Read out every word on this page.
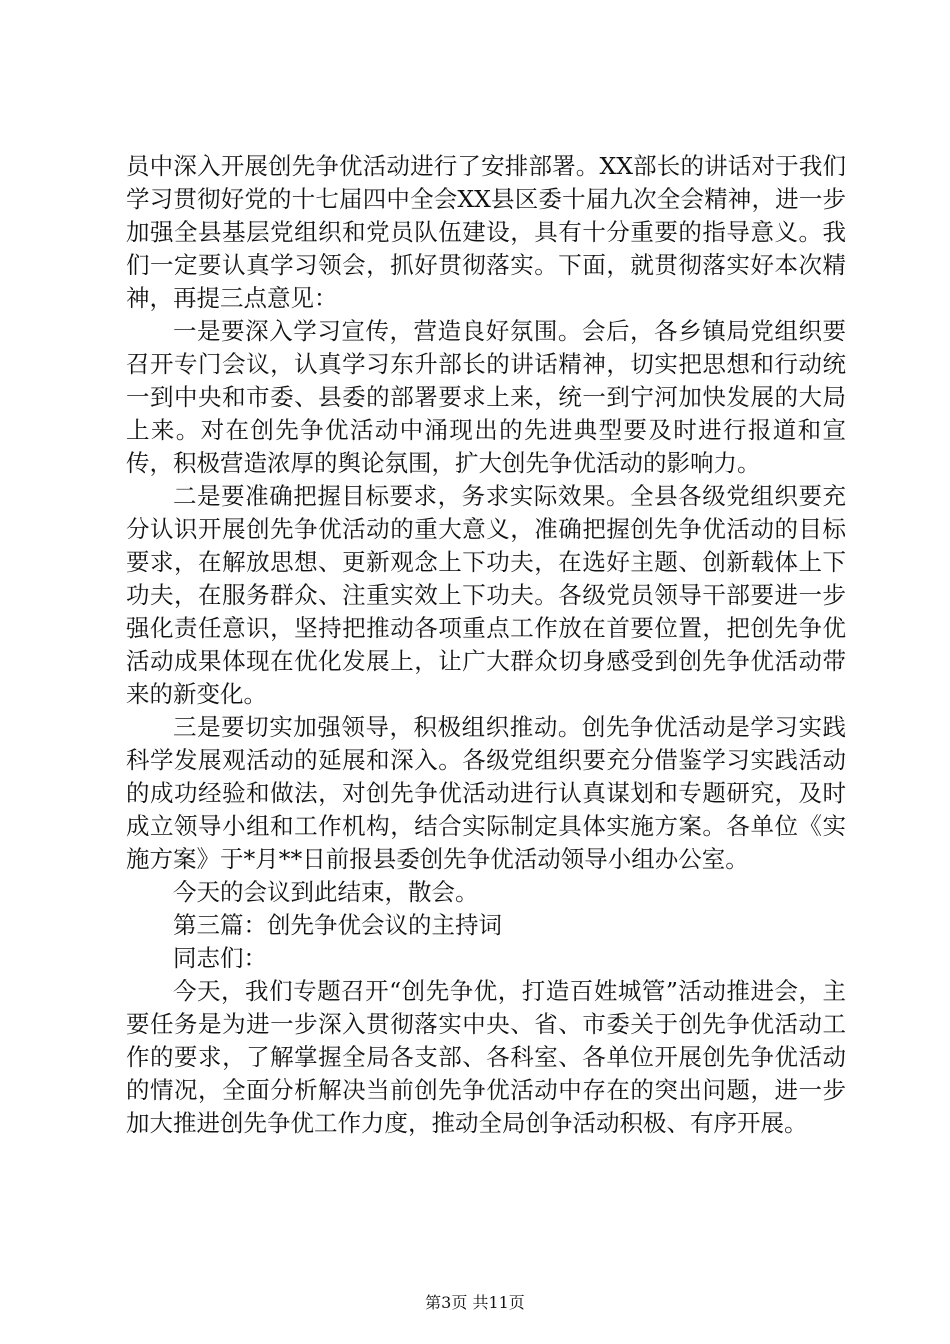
员中深入开展创先争优活动进行了安排部署。XX部长的讲话对于我们学习贯彻好党的十七届四中全会XX县区委十届九次全会精神，进一步加强全县基层党组织和党员队伍建设，具有十分重要的指导意义。我们一定要认真学习领会，抓好贯彻落实。下面，就贯彻落实好本次精神，再提三点意见：

一是要深入学习宣传，营造良好氛围。会后，各乡镇局党组织要召开专门会议，认真学习东升部长的讲话精神，切实把思想和行动统一到中央和市委、县委的部署要求上来，统一到宁河加快发展的大局上来。对在创先争优活动中涌现出的先进典型要及时进行报道和宣传，积极营造浓厚的舆论氛围，扩大创先争优活动的影响力。

二是要准确把握目标要求，务求实际效果。全县各级党组织要充分认识开展创先争优活动的重大意义，准确把握创先争优活动的目标要求，在解放思想、更新观念上下功夫，在选好主题、创新载体上下功夫，在服务群众、注重实效上下功夫。各级党员领导干部要进一步强化责任意识，坚持把推动各项重点工作放在首要位置，把创先争优活动成果体现在优化发展上，让广大群众切身感受到创先争优活动带来的新变化。

三是要切实加强领导，积极组织推动。创先争优活动是学习实践科学发展观活动的延展和深入。各级党组织要充分借鉴学习实践活动的成功经验和做法，对创先争优活动进行认真谋划和专题研究，及时成立领导小组和工作机构，结合实际制定具体实施方案。各单位《实施方案》于*月**日前报县委创先争优活动领导小组办公室。

今天的会议到此结束，散会。

第三篇：创先争优会议的主持词

同志们：

今天，我们专题召开“创先争优，打造百姓城管”活动推进会，主要任务是为进一步深入贯彻落实中央、省、市委关于创先争优活动工作的要求，了解掌握全局各支部、各科室、各单位开展创先争优活动的情况，全面分析解决当前创先争优活动中存在的突出问题，进一步加大推进创先争优工作力度，推动全局创争活动积极、有序开展。

第3页 共11页
